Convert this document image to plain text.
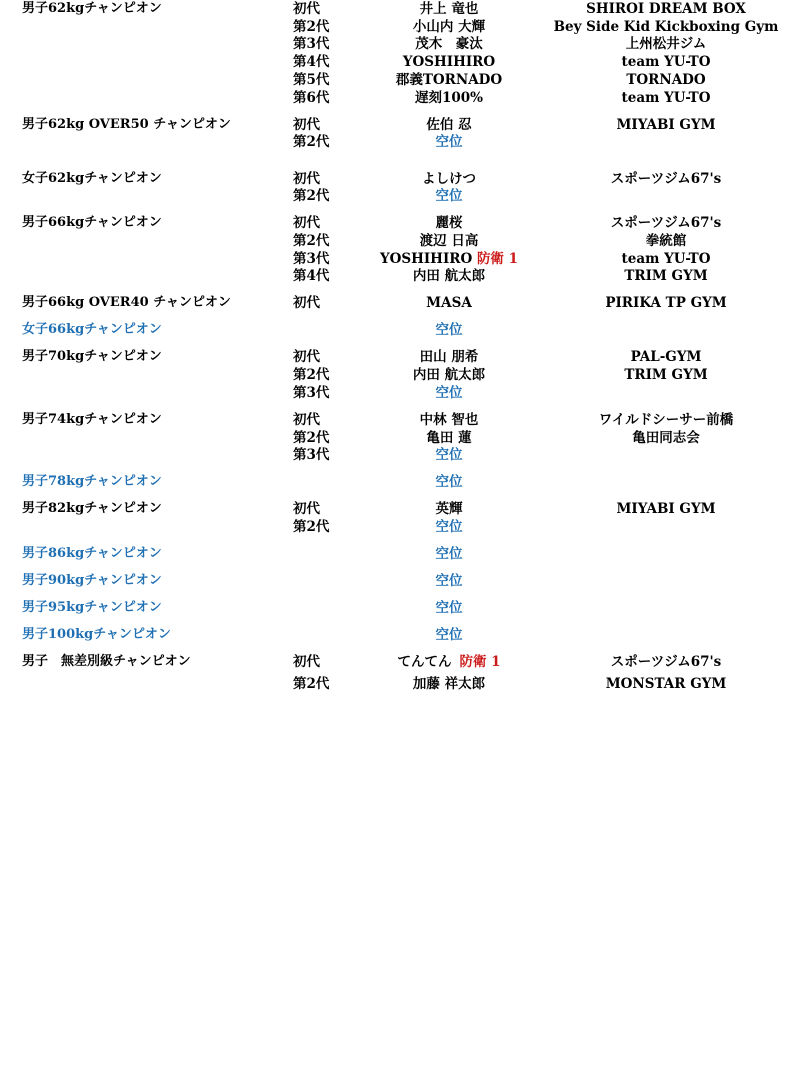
男子62kgチャンピオン	初代	井上 竜也	SHIROI DREAM BOX
第2代	小山内 大輝	Bey Side Kid Kickboxing Gym
第3代	茂木　豪汰	上州松井ジム
第4代	YOSHIHIRO	team YU-TO
第5代	郡義TORNADO	TORNADO
第6代	遅刻100%	team YU-TO
男子62kg OVER50 チャンピオン	初代	佐伯 忍	MIYABI GYM
第2代	空位
女子62kgチャンピオン	初代	よしけつ	スポーツジム67's
第2代	空位
男子66kgチャンピオン	初代	麗桜	スポーツジム67's
第2代	渡辺 日高	拳統館
第3代	YOSHIHIRO 防衛 1	team YU-TO
第4代	内田 航太郎	TRIM GYM
男子66kg OVER40 チャンピオン	初代	MASA	PIRIKA TP GYM
女子66kgチャンピオン	空位
男子70kgチャンピオン	初代	田山 朋希	PAL-GYM
第2代	内田 航太郎	TRIM GYM
第3代	空位
男子74kgチャンピオン	初代	中林 智也	ワイルドシーサー前橋
第2代	亀田 蓮	亀田同志会
第3代	空位
男子78kgチャンピオン	空位
男子82kgチャンピオン	初代	英輝	MIYABI GYM
第2代	空位
男子86kgチャンピオン	空位
男子90kgチャンピオン	空位
男子95kgチャンピオン	空位
男子100kgチャンピオン	空位
男子　無差別級チャンピオン	初代	てんてん 防衛 1	スポーツジム67's
第2代	加藤 祥太郎	MONSTAR GYM
